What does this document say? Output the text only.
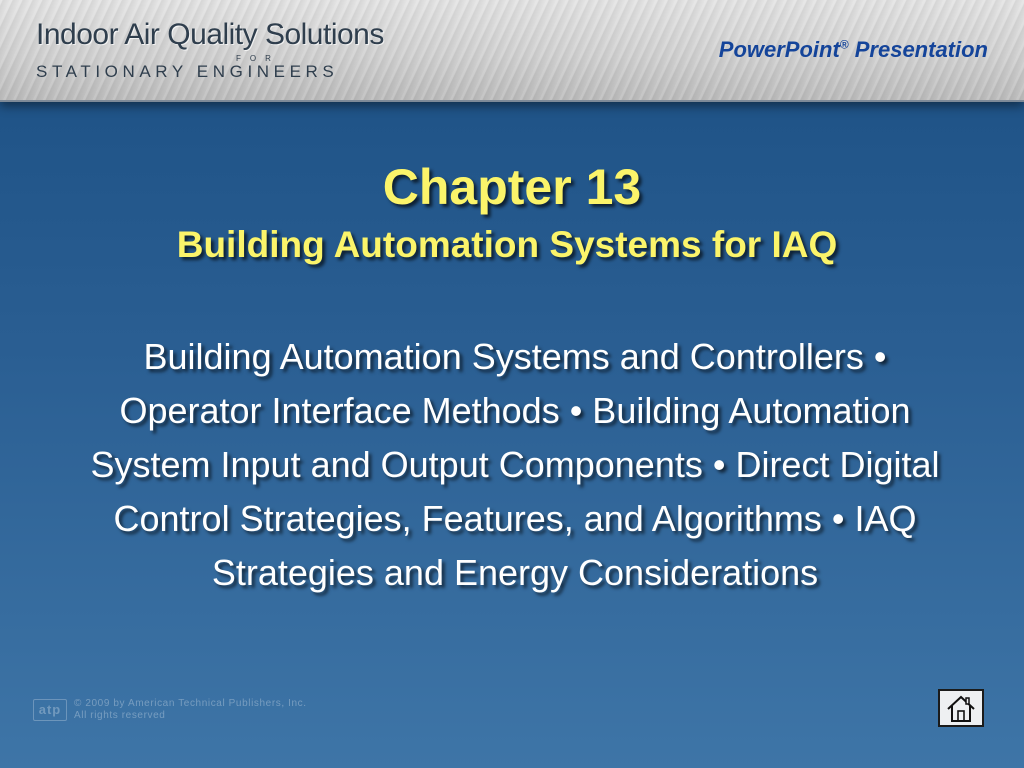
Indoor Air Quality Solutions
FOR
STATIONARY ENGINEERS
PowerPoint® Presentation
Chapter 13
Building Automation Systems for IAQ
Building Automation Systems and Controllers • Operator Interface Methods • Building Automation System Input and Output Components • Direct Digital Control Strategies, Features, and Algorithms • IAQ Strategies and Energy Considerations
atp	© 2009 by American Technical Publishers, Inc.
All rights reserved
